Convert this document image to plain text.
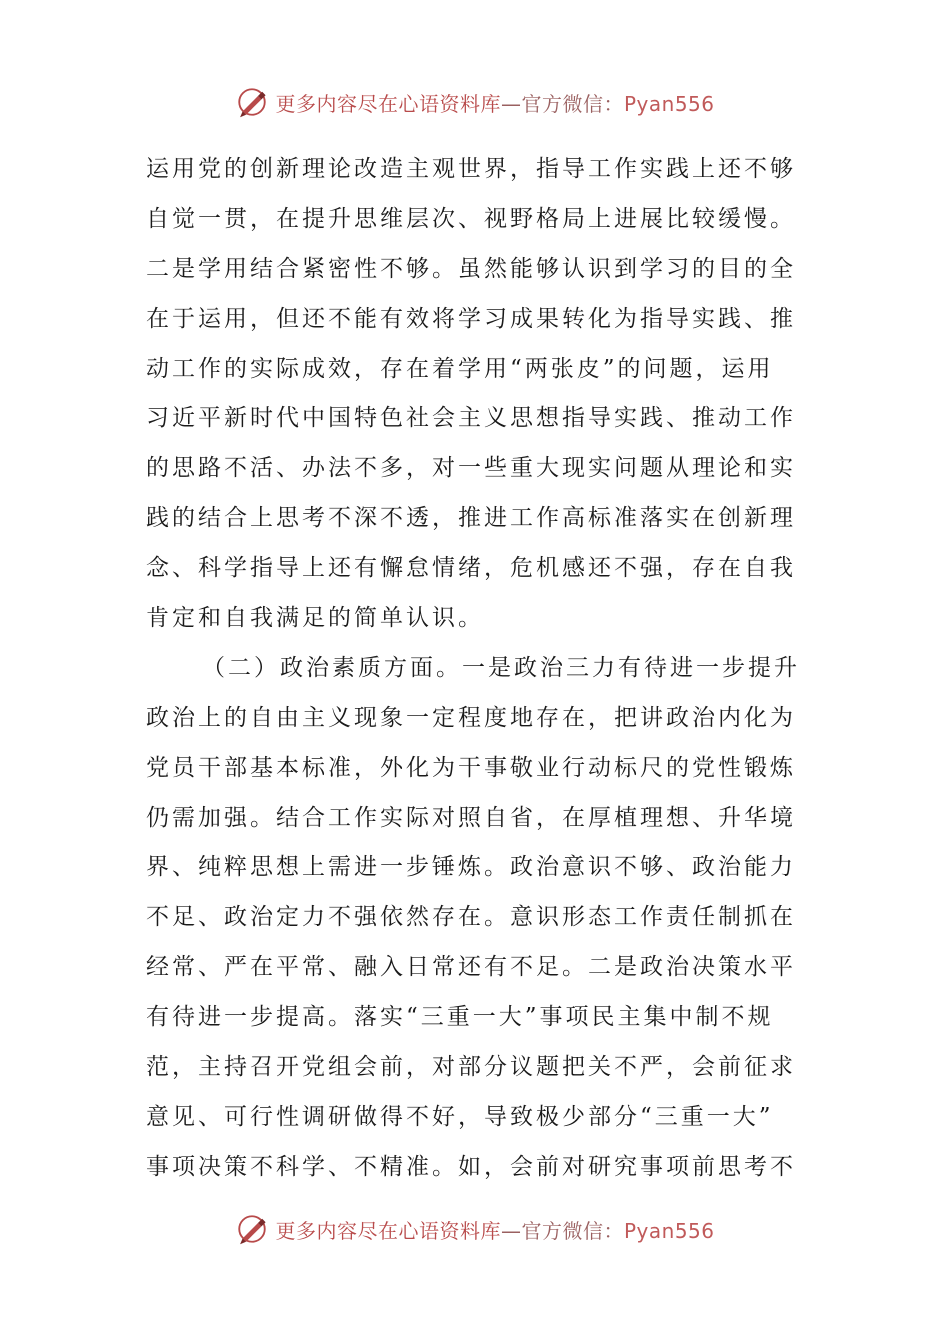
更多内容尽在心语资料库—官方微信：Pyan556
运用党的创新理论改造主观世界，指导工作实践上还不够
自觉一贯，在提升思维层次、视野格局上进展比较缓慢。
二是学用结合紧密性不够。虽然能够认识到学习的目的全
在于运用，但还不能有效将学习成果转化为指导实践、推
动工作的实际成效，存在着学用“两张皮”的问题，运用
习近平新时代中国特色社会主义思想指导实践、推动工作
的思路不活、办法不多，对一些重大现实问题从理论和实
践的结合上思考不深不透，推进工作高标准落实在创新理
念、科学指导上还有懈怠情绪，危机感还不强，存在自我
肯定和自我满足的简单认识。
（二）政治素质方面。一是政治三力有待进一步提升
政治上的自由主义现象一定程度地存在，把讲政治内化为
党员干部基本标准，外化为干事敬业行动标尺的党性锻炼
仍需加强。结合工作实际对照自省，在厚植理想、升华境
界、纯粹思想上需进一步锤炼。政治意识不够、政治能力
不足、政治定力不强依然存在。意识形态工作责任制抓在
经常、严在平常、融入日常还有不足。二是政治决策水平
有待进一步提高。落实“三重一大”事项民主集中制不规
范，主持召开党组会前，对部分议题把关不严，会前征求
意见、可行性调研做得不好，导致极少部分“三重一大”
事项决策不科学、不精准。如，会前对研究事项前思考不
更多内容尽在心语资料库—官方微信：Pyan556
